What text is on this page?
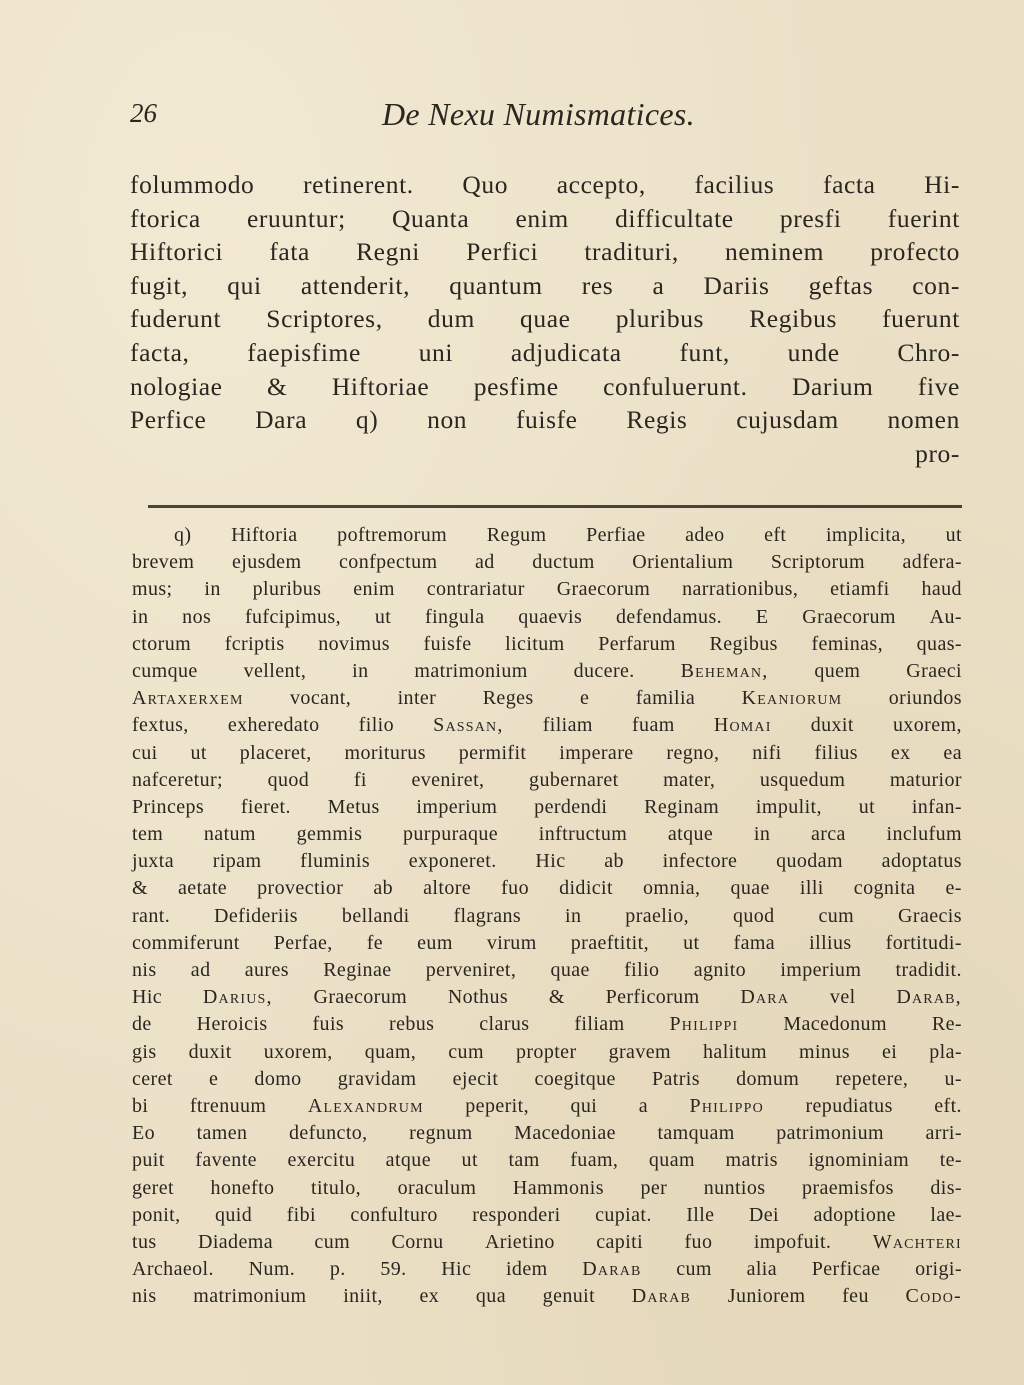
26	De Nexu Numismatices.
folummodo retinerent. Quo accepto, facilius facta Hi-
ftorica eruuntur; Quanta enim difficultate presfi fuerint
Hiftorici fata Regni Perfici tradituri, neminem profecto
fugit, qui attenderit, quantum res a Dariis geftas con-
fuderunt Scriptores, dum quae pluribus Regibus fuerunt
facta, faepisfime uni adjudicata funt, unde Chro-
nologiae & Hiftoriae pesfime confuluerunt. Darium five
Perfice Dara q) non fuisfe Regis cujusdam nomen
pro-
q) Hiftoria poftremorum Regum Perfiae adeo eft implicita, ut
brevem ejusdem confpectum ad ductum Orientalium Scriptorum adfera-
mus; in pluribus enim contrariatur Graecorum narrationibus, etiamfi haud
in nos fufcipimus, ut fingula quaevis defendamus. E Graecorum Au-
ctorum fcriptis novimus fuisfe licitum Perfarum Regibus feminas, quas-
cumque vellent, in matrimonium ducere. Beheman, quem Graeci
Artaxerxem vocant, inter Reges e familia Keaniorum oriundos
fextus, exheredato filio Sassan, filiam fuam Homai duxit uxorem,
cui ut placeret, moriturus permifit imperare regno, nifi filius ex ea
nafceretur; quod fi eveniret, gubernaret mater, usquedum maturior
Princeps fieret. Metus imperium perdendi Reginam impulit, ut infan-
tem natum gemmis purpuraque inftructum atque in arca inclufum
juxta ripam fluminis exponeret. Hic ab infectore quodam adoptatus
& aetate provectior ab altore fuo didicit omnia, quae illi cognita e-
rant. Defideriis bellandi flagrans in praelio, quod cum Graecis
commiferunt Perfae, fe eum virum praeftitit, ut fama illius fortitudi-
nis ad aures Reginae perveniret, quae filio agnito imperium tradidit.
Hic Darius, Graecorum Nothus & Perficorum Dara vel Darab,
de Heroicis fuis rebus clarus filiam Philippi Macedonum Re-
gis duxit uxorem, quam, cum propter gravem halitum minus ei pla-
ceret e domo gravidam ejecit coegitque Patris domum repetere, u-
bi ftrenuum Alexandrum peperit, qui a Philippo repudiatus eft.
Eo tamen defuncto, regnum Macedoniae tamquam patrimonium arri-
puit favente exercitu atque ut tam fuam, quam matris ignominiam te-
geret honefto titulo, oraculum Hammonis per nuntios praemisfos dis-
ponit, quid fibi confulturo responderi cupiat. Ille Dei adoptione lae-
tus Diadema cum Cornu Arietino capiti fuo impofuit. Wachteri
Archaeol. Num. p. 59. Hic idem Darab cum alia Perficae origi-
nis matrimonium iniit, ex qua genuit Darab Juniorem feu Codo-
